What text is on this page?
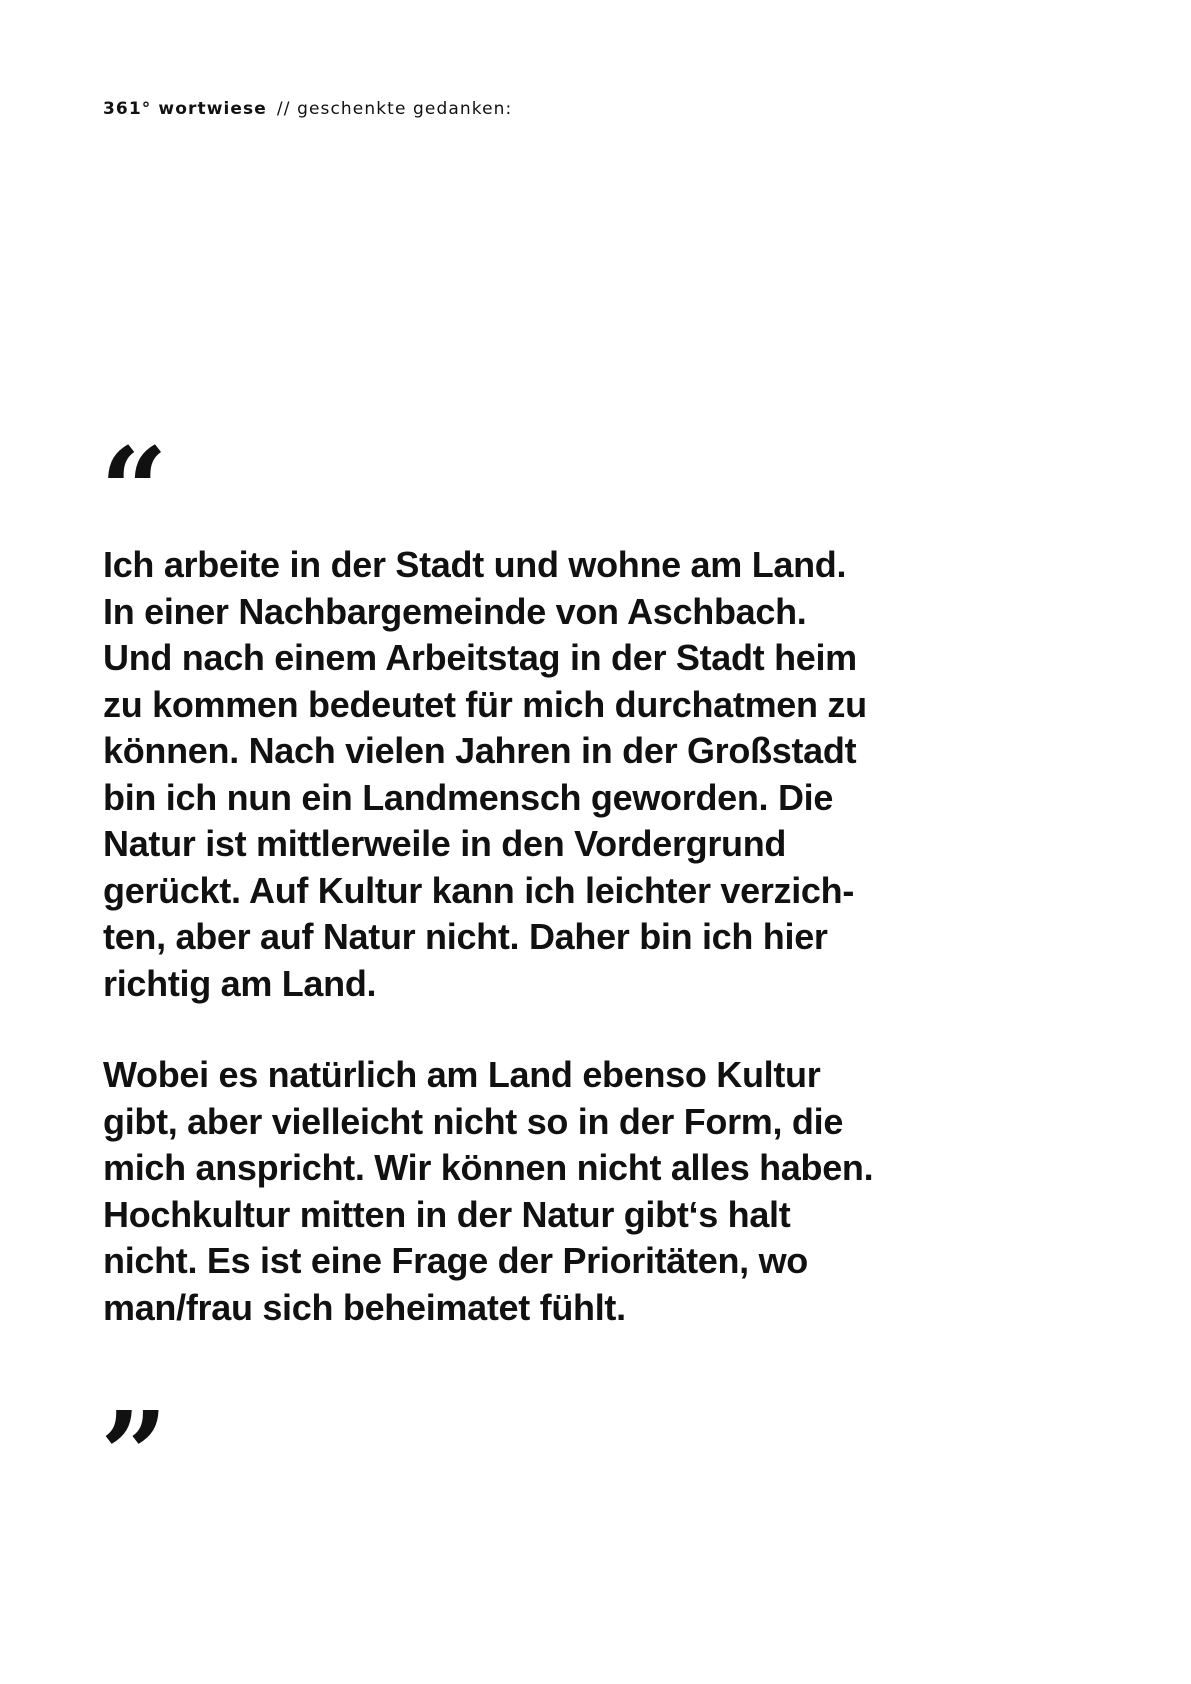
361° wortwiese // geschenkte gedanken:
“
Ich arbeite in der Stadt und wohne am Land.
In einer Nachbargemeinde von Aschbach.
Und nach einem Arbeitstag in der Stadt heim
zu kommen bedeutet für mich durchatmen zu
können. Nach vielen Jahren in der Großstadt
bin ich nun ein Landmensch geworden. Die
Natur ist mittlerweile in den Vordergrund
gerückt. Auf Kultur kann ich leichter verzich-
ten, aber auf Natur nicht. Daher bin ich hier
richtig am Land.
Wobei es natürlich am Land ebenso Kultur
gibt, aber vielleicht nicht so in der Form, die
mich anspricht. Wir können nicht alles haben.
Hochkultur mitten in der Natur gibt‘s halt
nicht. Es ist eine Frage der Prioritäten, wo
man/frau sich beheimatet fühlt.
”
